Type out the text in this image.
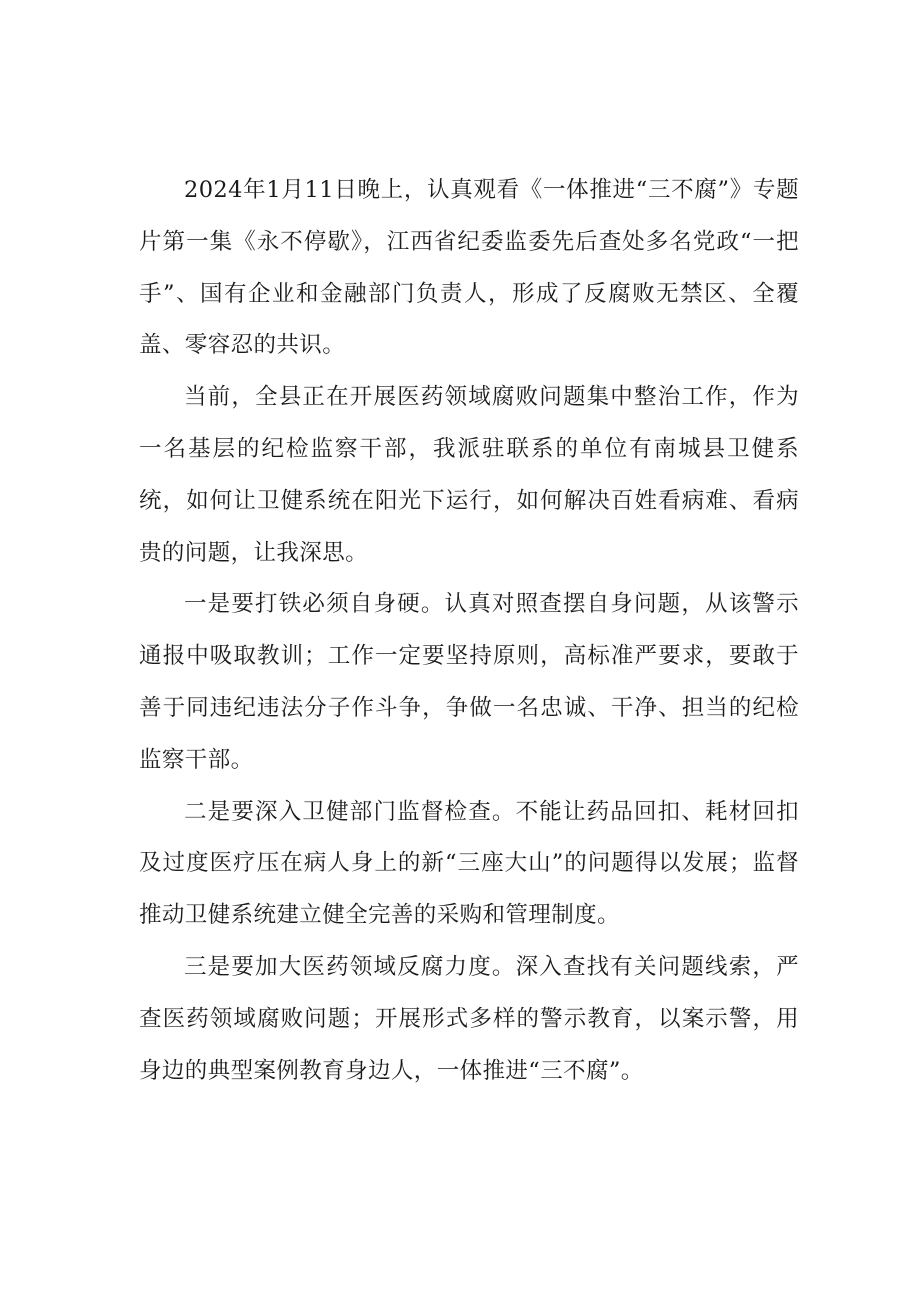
2024年1月11日晚上，认真观看《一体推进“三不腐”》专题片第一集《永不停歇》，江西省纪委监委先后查处多名党政“一把手”、国有企业和金融部门负责人，形成了反腐败无禁区、全覆盖、零容忍的共识。

当前，全县正在开展医药领域腐败问题集中整治工作，作为一名基层的纪检监察干部，我派驻联系的单位有南城县卫健系统，如何让卫健系统在阳光下运行，如何解决百姓看病难、看病贵的问题，让我深思。

一是要打铁必须自身硬。认真对照查摆自身问题，从该警示通报中吸取教训；工作一定要坚持原则，高标准严要求，要敢于善于同违纪违法分子作斗争，争做一名忠诚、干净、担当的纪检监察干部。

二是要深入卫健部门监督检查。不能让药品回扣、耗材回扣及过度医疗压在病人身上的新“三座大山”的问题得以发展；监督推动卫健系统建立健全完善的采购和管理制度。

三是要加大医药领域反腐力度。深入查找有关问题线索，严查医药领域腐败问题；开展形式多样的警示教育，以案示警，用身边的典型案例教育身边人，一体推进“三不腐”。
